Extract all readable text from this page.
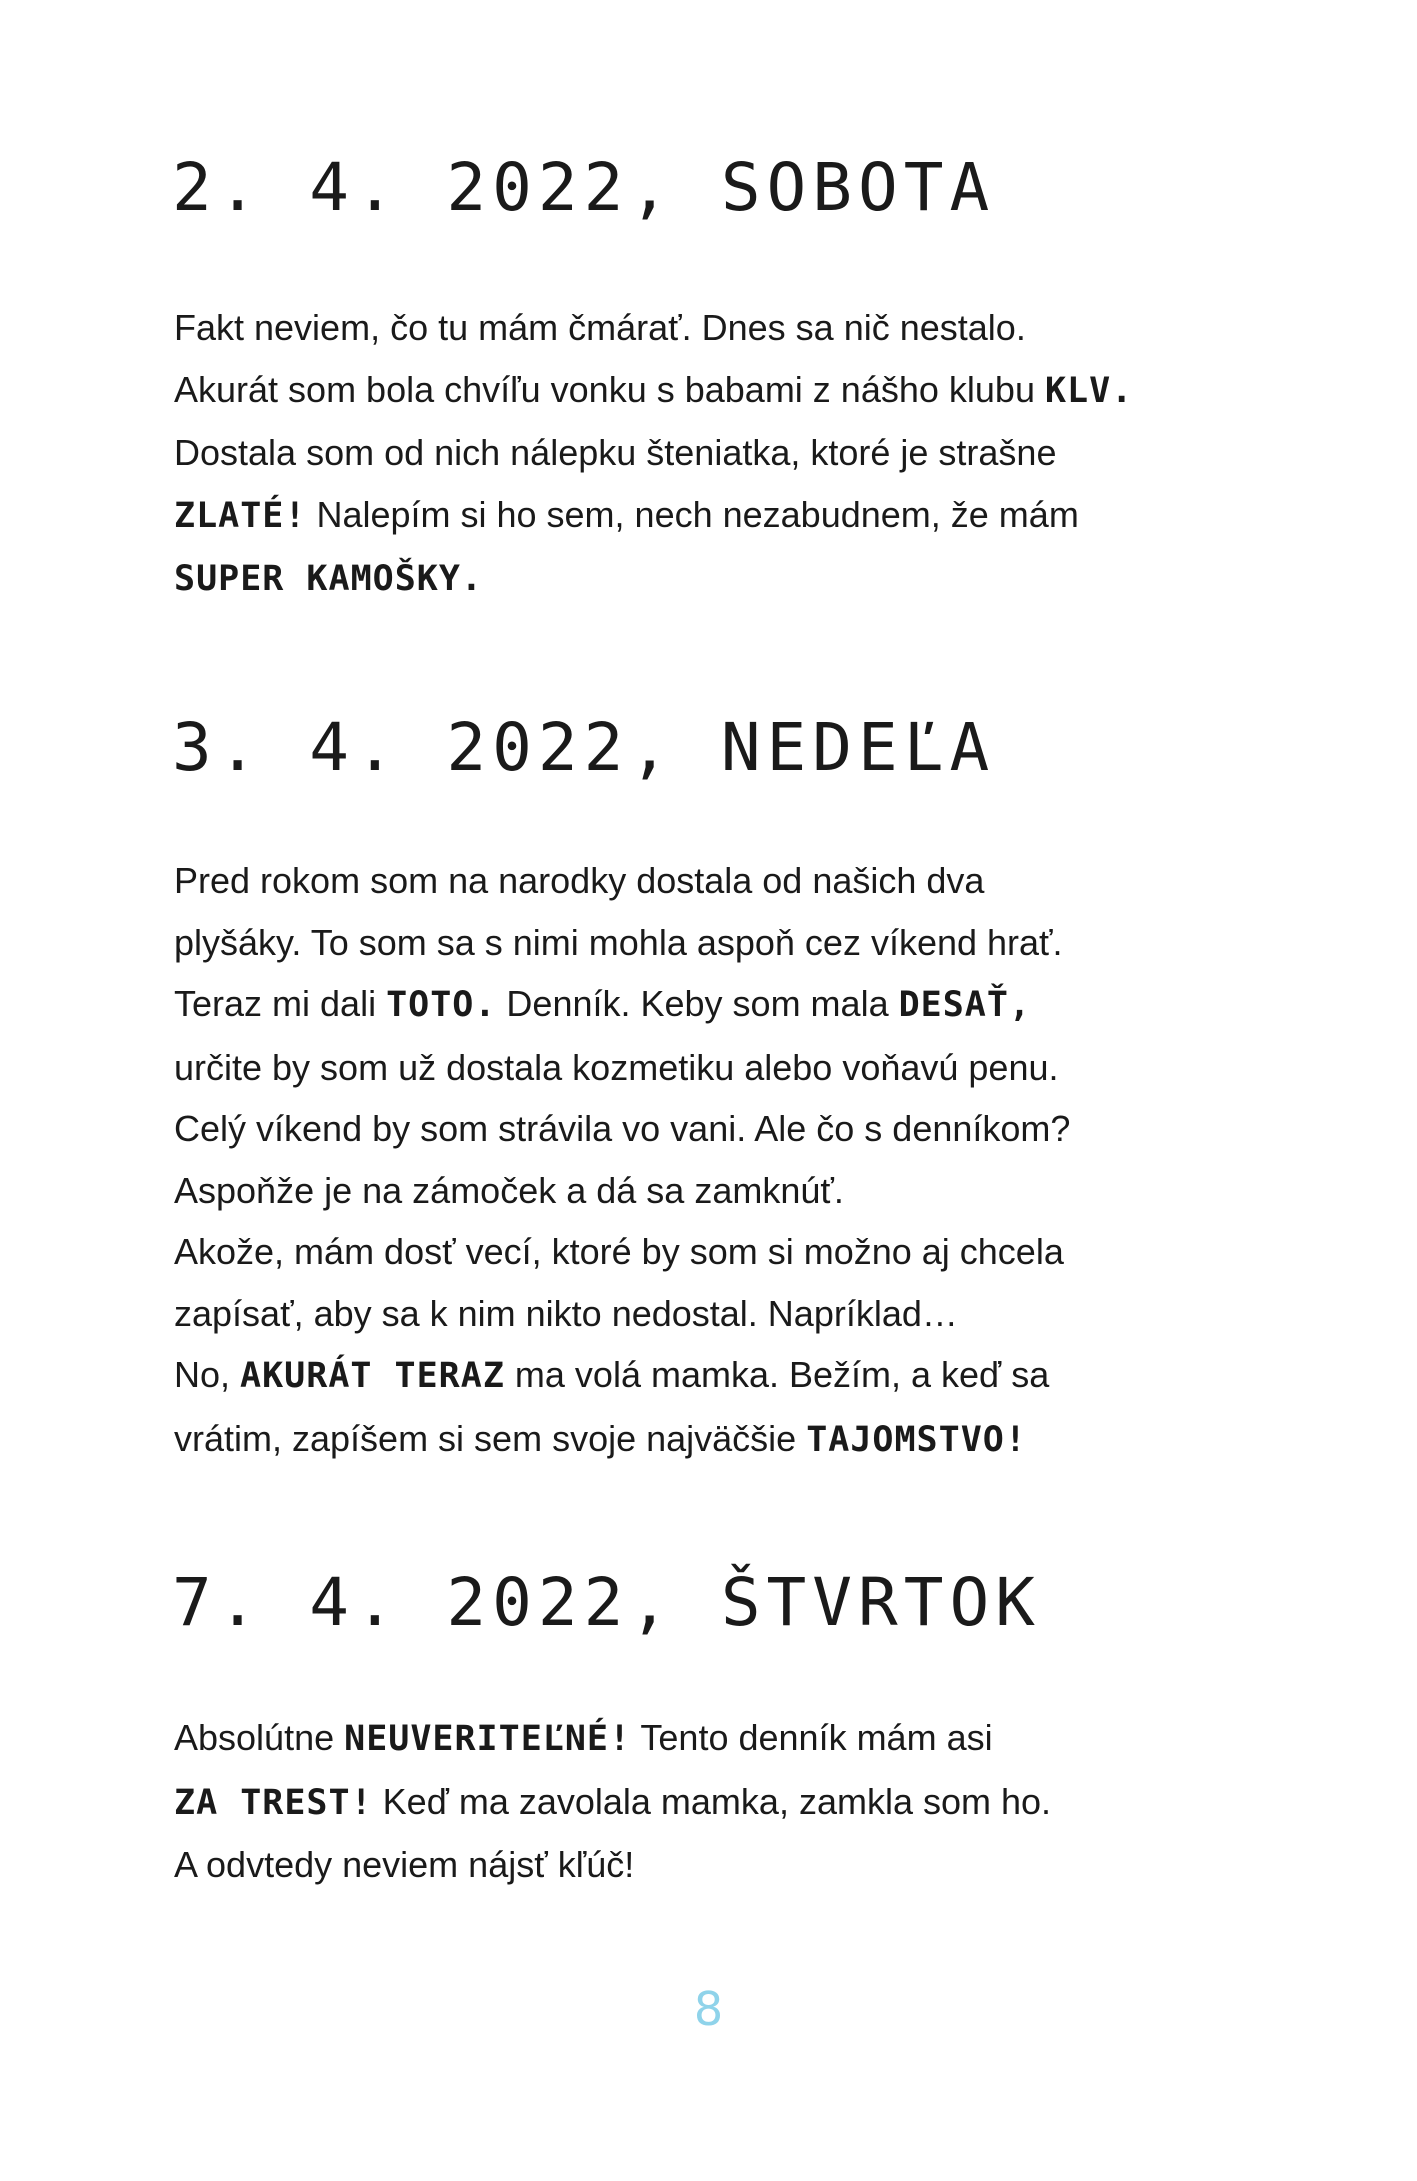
2. 4. 2022, SOBOTA
Fakt neviem, čo tu mám čmárať. Dnes sa nič nestalo.
Akurát som bola chvíľu vonku s babami z nášho klubu KLV.
Dostala som od nich nálepku šteniatka, ktoré je strašne
ZLATÉ! Nalepím si ho sem, nech nezabudnem, že mám
SUPER KAMOŠKY.
3. 4. 2022, NEDEĽA
Pred rokom som na narodky dostala od našich dva
plyšáky. To som sa s nimi mohla aspoň cez víkend hrať.
Teraz mi dali TOTO. Denník. Keby som mala DESAŤ,
určite by som už dostala kozmetiku alebo voňavú penu.
Celý víkend by som strávila vo vani. Ale čo s denníkom?
Aspoňže je na zámoček a dá sa zamknúť.
Akože, mám dosť vecí, ktoré by som si možno aj chcela
zapísať, aby sa k nim nikto nedostal. Napríklad…
No, AKURÁT TERAZ ma volá mamka. Bežím, a keď sa
vrátim, zapíšem si sem svoje najväčšie TAJOMSTVO!
7. 4. 2022, ŠTVRTOK
Absolútne NEUVERITEĽNÉ! Tento denník mám asi
ZA TREST! Keď ma zavolala mamka, zamkla som ho.
A odvtedy neviem nájsť kľúč!
8
